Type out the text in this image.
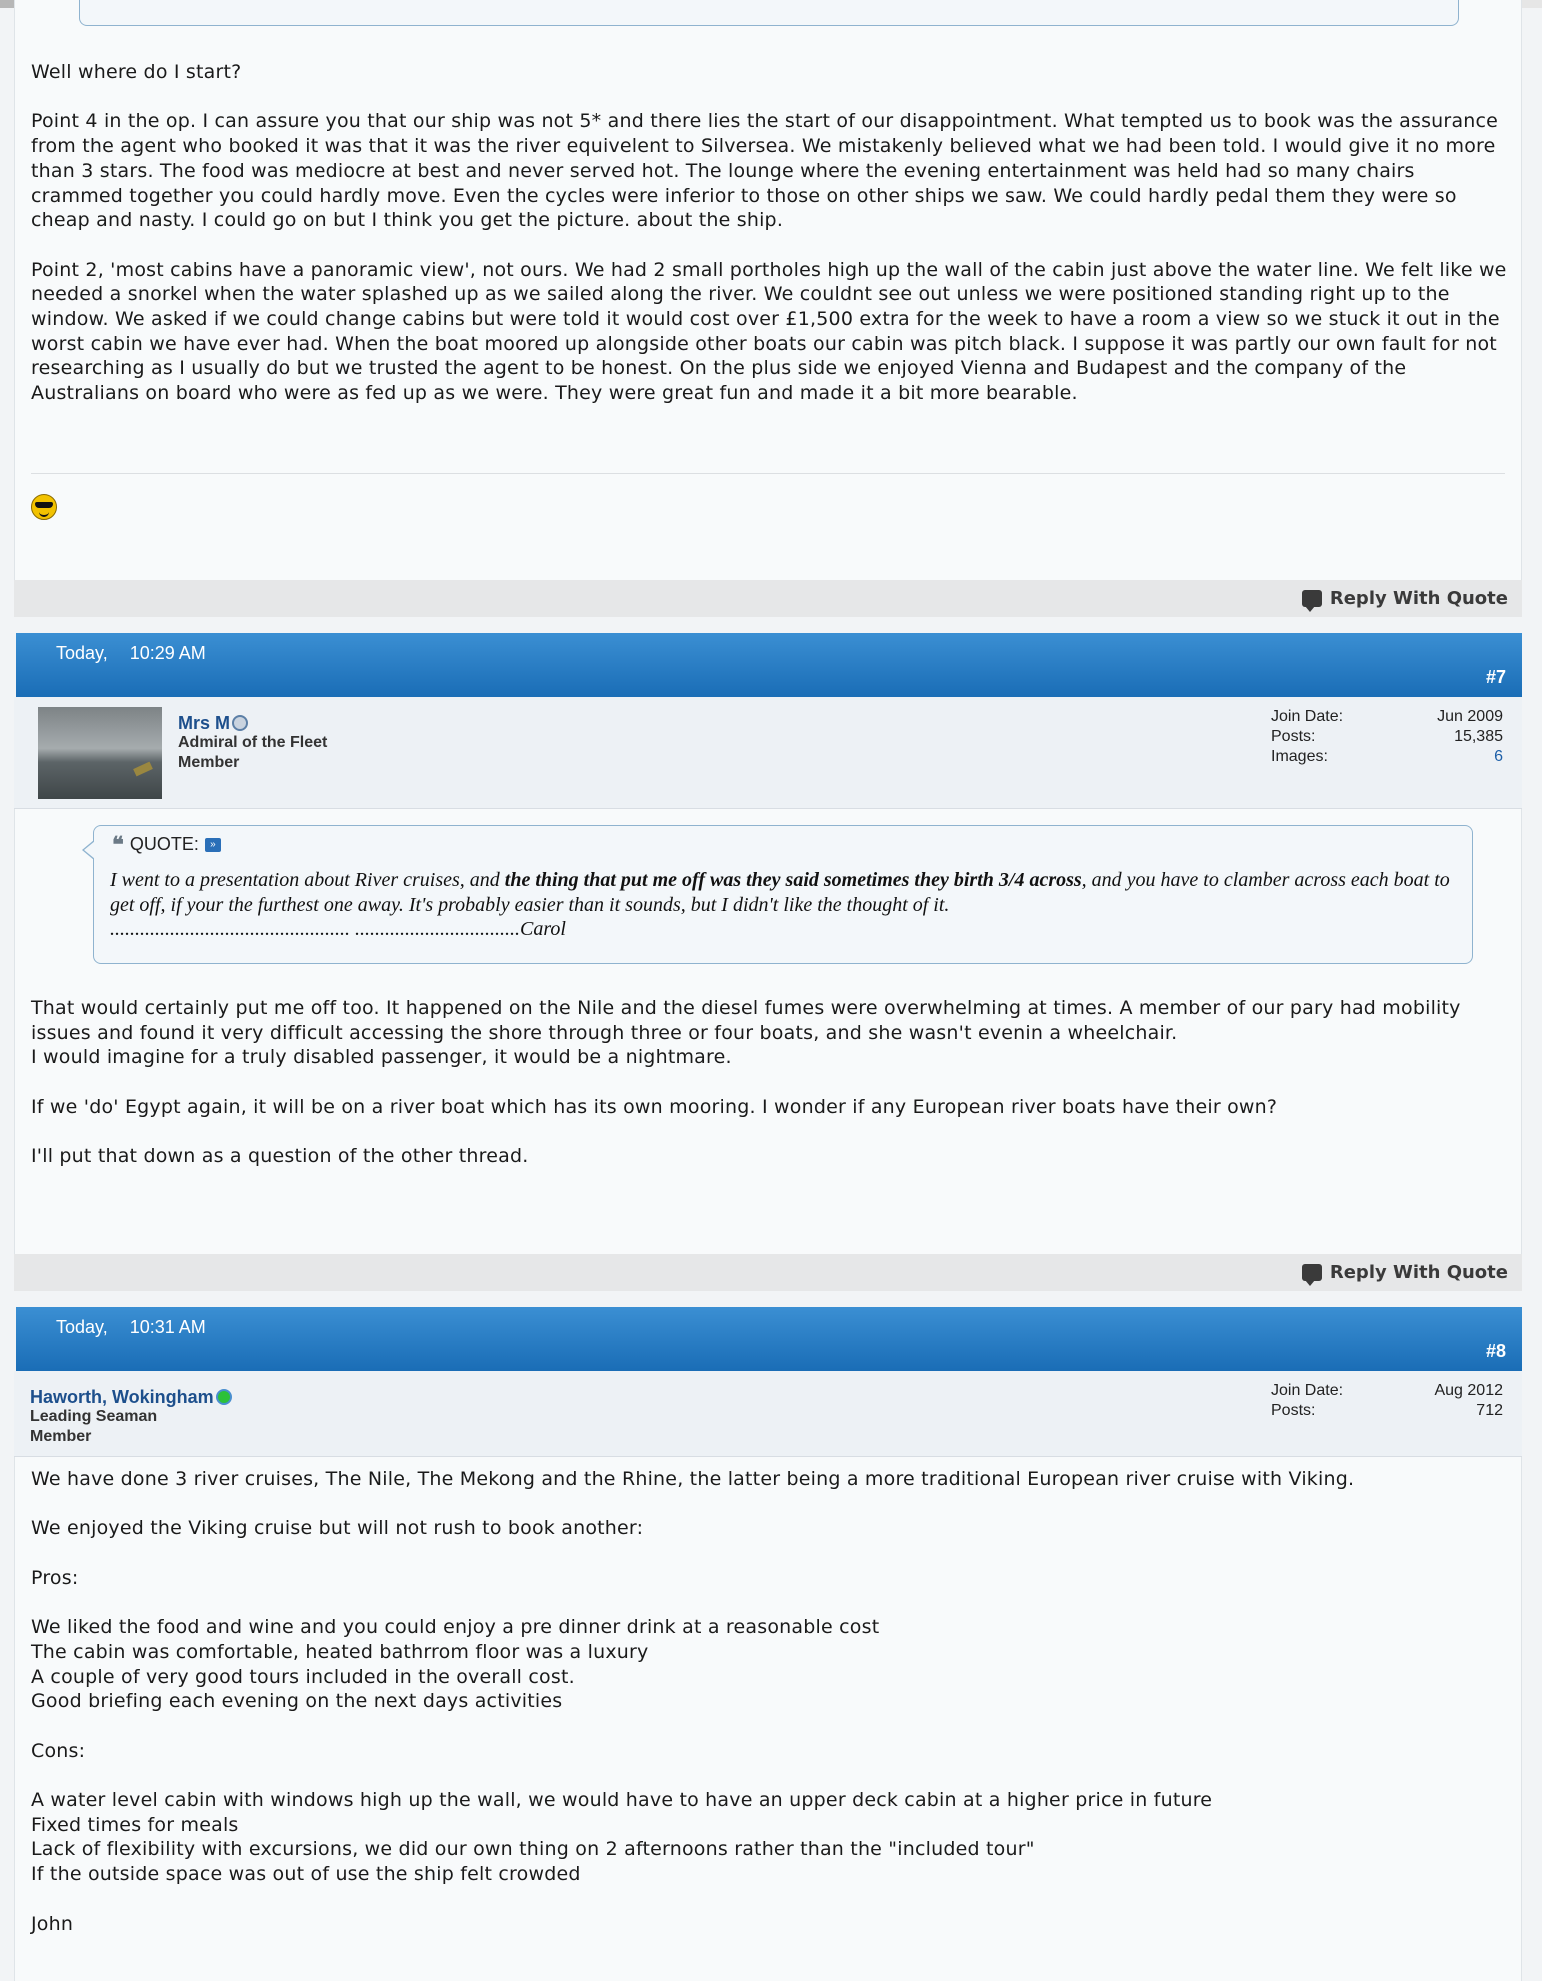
Well where do I start?

Point 4 in the op. I can assure you that our ship was not 5* and there lies the start of our disappointment. What tempted us to book was the assurance from the agent who booked it was that it was the river equivelent to Silversea. We mistakenly believed what we had been told. I would give it no more than 3 stars. The food was mediocre at best and never served hot. The lounge where the evening entertainment was held had so many chairs crammed together you could hardly move. Even the cycles were inferior to those on other ships we saw. We could hardly pedal them they were so cheap and nasty. I could go on but I think you get the picture. about the ship.

Point 2, 'most cabins have a panoramic view', not ours. We had 2 small portholes high up the wall of the cabin just above the water line. We felt like we needed a snorkel when the water splashed up as we sailed along the river. We couldnt see out unless we were positioned standing right up to the window. We asked if we could change cabins but were told it would cost over £1,500 extra for the week to have a room a view so we stuck it out in the worst cabin we have ever had. When the boat moored up alongside other boats our cabin was pitch black. I suppose it was partly our own fault for not researching as I usually do but we trusted the agent to be honest. On the plus side we enjoyed Vienna and Budapest and the company of the Australians on board who were as fed up as we were. They were great fun and made it a bit more bearable.

Reply With Quote
Today, 10:29 AM
#7
Mrs M
Admiral of the Fleet
Member
Join Date:	Jun 2009
Posts:	15,385
Images:	6
❝ QUOTE:	»
I went to a presentation about River cruises, and the thing that put me off was they said sometimes they birth 3/4 across, and you have to clamber across each boat to get off, if your the furthest one away. It's probably easier than it sounds, but I didn't like the thought of it.
................................................ .................................Carol

That would certainly put me off too. It happened on the Nile and the diesel fumes were overwhelming at times. A member of our pary had mobility issues and found it very difficult accessing the shore through three or four boats, and she wasn't evenin a wheelchair.
I would imagine for a truly disabled passenger, it would be a nightmare.

If we 'do' Egypt again, it will be on a river boat which has its own mooring. I wonder if any European river boats have their own?

I'll put that down as a question of the other thread.

Reply With Quote
Today, 10:31 AM
#8
Haworth, Wokingham
Leading Seaman
Member
Join Date:	Aug 2012
Posts:	712

We have done 3 river cruises, The Nile, The Mekong and the Rhine, the latter being a more traditional European river cruise with Viking.

We enjoyed the Viking cruise but will not rush to book another:

Pros:

We liked the food and wine and you could enjoy a pre dinner drink at a reasonable cost
The cabin was comfortable, heated bathrrom floor was a luxury
A couple of very good tours included in the overall cost.
Good briefing each evening on the next days activities

Cons:

A water level cabin with windows high up the wall, we would have to have an upper deck cabin at a higher price in future
Fixed times for meals
Lack of flexibility with excursions, we did our own thing on 2 afternoons rather than the "included tour"
If the outside space was out of use the ship felt crowded

John
